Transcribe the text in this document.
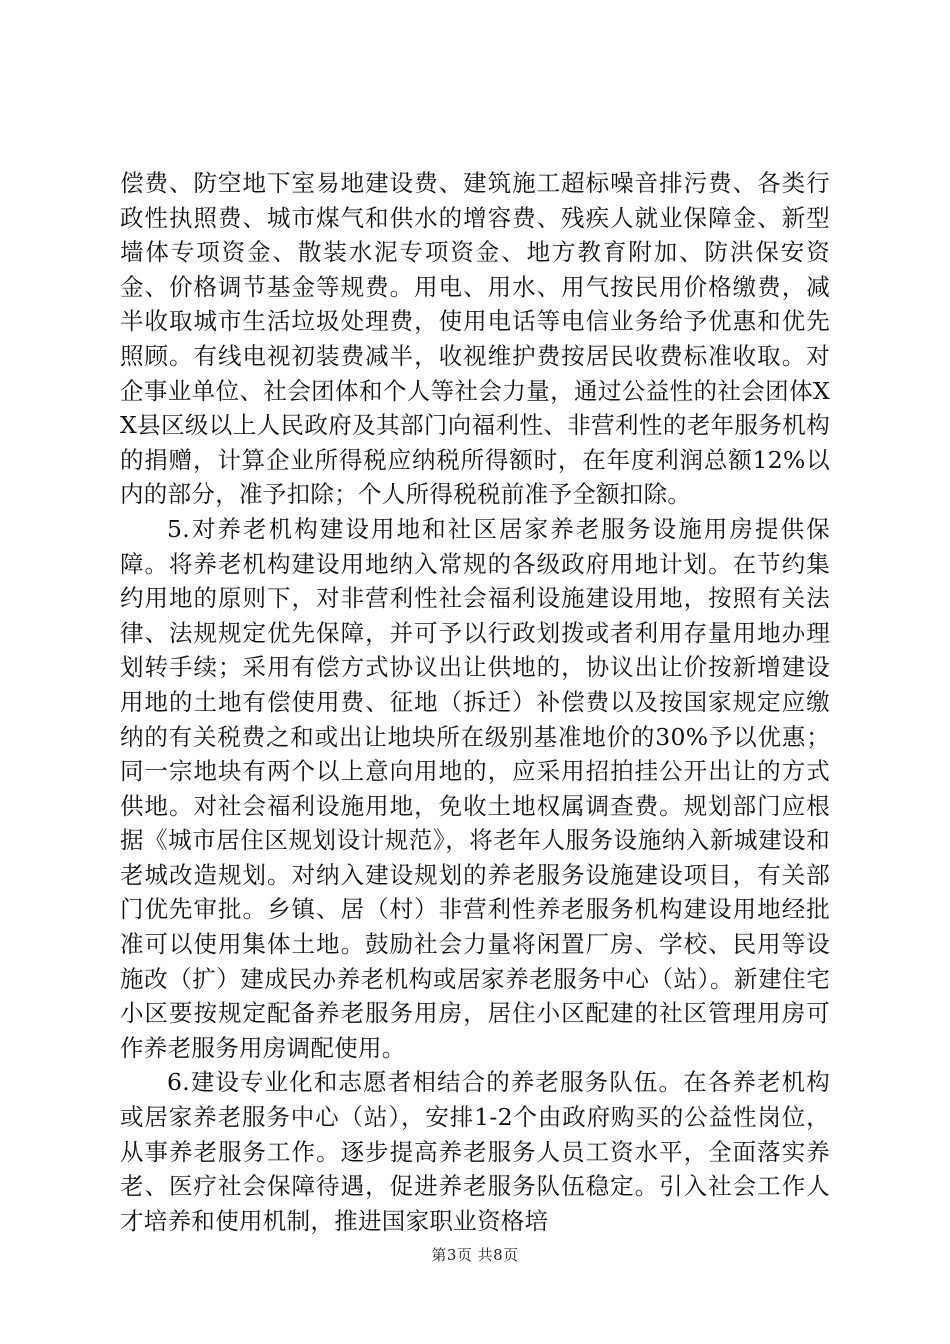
偿费、防空地下室易地建设费、建筑施工超标噪音排污费、各类行政性执照费、城市煤气和供水的增容费、残疾人就业保障金、新型墙体专项资金、散装水泥专项资金、地方教育附加、防洪保安资金、价格调节基金等规费。用电、用水、用气按民用价格缴费，减半收取城市生活垃圾处理费，使用电话等电信业务给予优惠和优先照顾。有线电视初装费减半，收视维护费按居民收费标准收取。对企事业单位、社会团体和个人等社会力量，通过公益性的社会团体XX县区级以上人民政府及其部门向福利性、非营利性的老年服务机构的捐赠，计算企业所得税应纳税所得额时，在年度利润总额12%以内的部分，准予扣除；个人所得税税前准予全额扣除。

5.对养老机构建设用地和社区居家养老服务设施用房提供保障。将养老机构建设用地纳入常规的各级政府用地计划。在节约集约用地的原则下，对非营利性社会福利设施建设用地，按照有关法律、法规规定优先保障，并可予以行政划拨或者利用存量用地办理划转手续；采用有偿方式协议出让供地的，协议出让价按新增建设用地的土地有偿使用费、征地（拆迁）补偿费以及按国家规定应缴纳的有关税费之和或出让地块所在级别基准地价的30%予以优惠；同一宗地块有两个以上意向用地的，应采用招拍挂公开出让的方式供地。对社会福利设施用地，免收土地权属调查费。规划部门应根据《城市居住区规划设计规范》，将老年人服务设施纳入新城建设和老城改造规划。对纳入建设规划的养老服务设施建设项目，有关部门优先审批。乡镇、居（村）非营利性养老服务机构建设用地经批准可以使用集体土地。鼓励社会力量将闲置厂房、学校、民用等设施改（扩）建成民办养老机构或居家养老服务中心（站）。新建住宅小区要按规定配备养老服务用房，居住小区配建的社区管理用房可作养老服务用房调配使用。

6.建设专业化和志愿者相结合的养老服务队伍。在各养老机构或居家养老服务中心（站），安排1-2个由政府购买的公益性岗位，从事养老服务工作。逐步提高养老服务人员工资水平，全面落实养老、医疗社会保障待遇，促进养老服务队伍稳定。引入社会工作人才培养和使用机制，推进国家职业资格培

第3页 共8页
